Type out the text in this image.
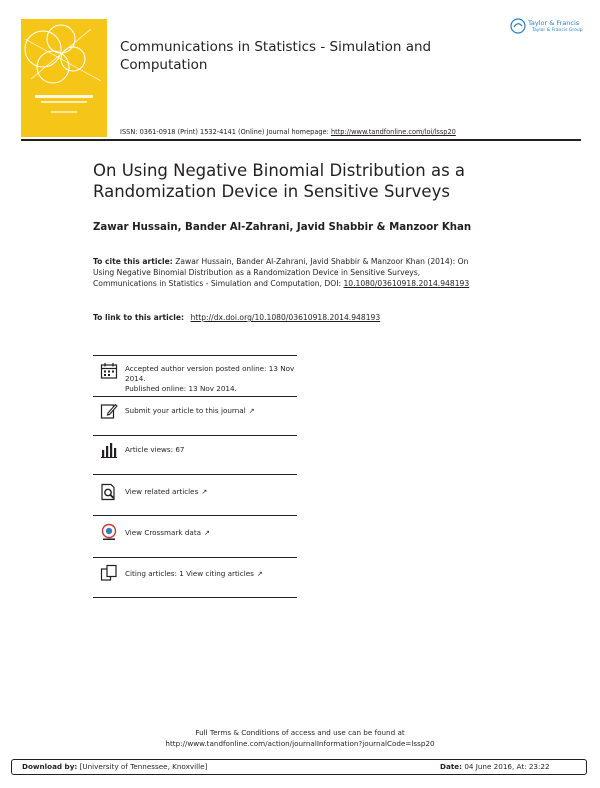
Communications in Statistics - Simulation and Computation
Taylor & Francis
Taylor & Francis Group
ISSN: 0361-0918 (Print) 1532-4141 (Online) Journal homepage: http://www.tandfonline.com/loi/lssp20
On Using Negative Binomial Distribution as a Randomization Device in Sensitive Surveys
Zawar Hussain, Bander Al-Zahrani, Javid Shabbir & Manzoor Khan
To cite this article: Zawar Hussain, Bander Al-Zahrani, Javid Shabbir & Manzoor Khan (2014): On Using Negative Binomial Distribution as a Randomization Device in Sensitive Surveys, Communications in Statistics - Simulation and Computation, DOI: 10.1080/03610918.2014.948193
To link to this article: http://dx.doi.org/10.1080/03610918.2014.948193
Accepted author version posted online: 13 Nov 2014.
Published online: 13 Nov 2014.
Submit your article to this journal ↗
Article views: 67
View related articles ↗
View Crossmark data ↗
Citing articles: 1 View citing articles ↗
Full Terms & Conditions of access and use can be found at
http://www.tandfonline.com/action/journalInformation?journalCode=lssp20
Download by: [University of Tennessee, Knoxville]	Date: 04 June 2016, At: 23:22
